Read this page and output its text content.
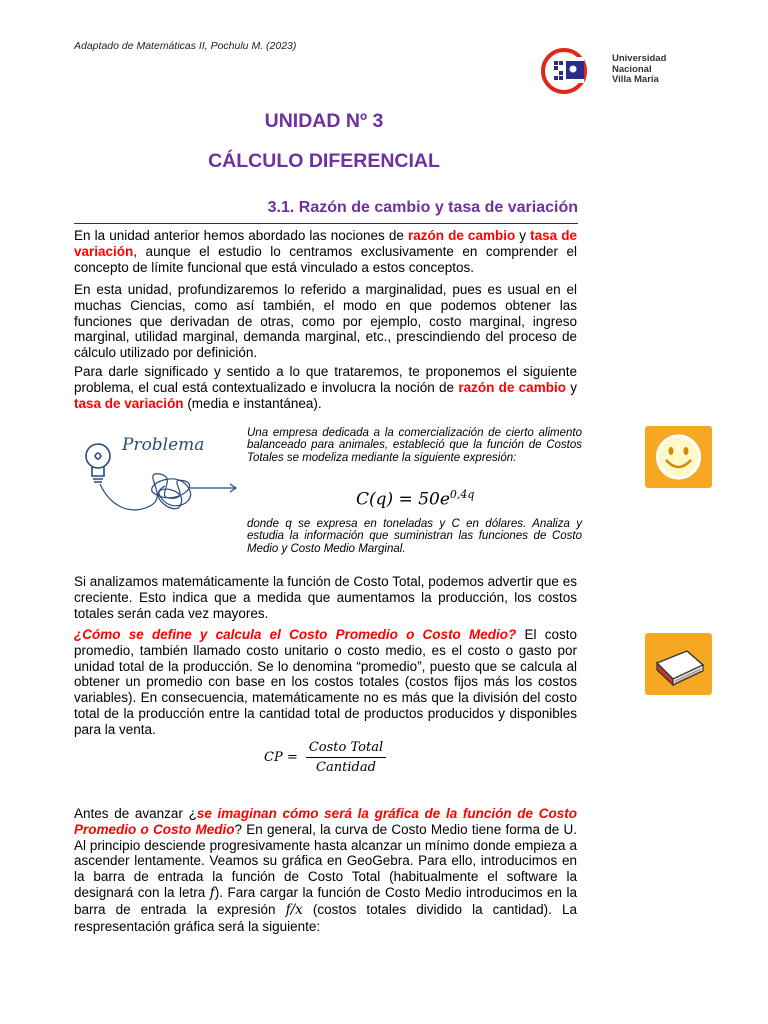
Adaptado de Matemáticas II, Pochulu M. (2023)
Universidad
Nacional
Villa María
UNIDAD Nº 3
CÁLCULO DIFERENCIAL
3.1. Razón de cambio y tasa de variación

En la unidad anterior hemos abordado las nociones de razón de cambio y tasa de variación, aunque el estudio lo centramos exclusivamente en comprender el concepto de límite funcional que está vinculado a estos conceptos.

En esta unidad, profundizaremos lo referido a marginalidad, pues es usual en el muchas Ciencias, como así también, el modo en que podemos obtener las funciones que derivadan de otras, como por ejemplo, costo marginal, ingreso marginal, utilidad marginal, demanda marginal, etc., prescindiendo del proceso de cálculo utilizado por definición.

Para darle significado y sentido a lo que trataremos, te proponemos el siguiente problema, el cual está contextualizado e involucra la noción de razón de cambio y tasa de variación (media e instantánea).

Problema

Una empresa dedicada a la comercialización de cierto alimento balanceado para animales, estableció que la función de Costos Totales se modeliza mediante la siguiente expresión:

$C(q) = 50e^{0,4q}$

donde q se expresa en toneladas y C en dólares. Analiza y estudia la información que suministran las funciones de Costo Medio y Costo Medio Marginal.

Si analizamos matemáticamente la función de Costo Total, podemos advertir que es creciente. Esto indica que a medida que aumentamos la producción, los costos totales serán cada vez mayores.

¿Cómo se define y calcula el Costo Promedio o Costo Medio? El costo promedio, también llamado costo unitario o costo medio, es el costo o gasto por unidad total de la producción. Se lo denomina “promedio”, puesto que se calcula al obtener un promedio con base en los costos totales (costos fijos más los costos variables). En consecuencia, matemáticamente no es más que la división del costo total de la producción entre la cantidad total de productos producidos y disponibles para la venta.

CP = $\frac{\text{Costo Total}}{\text{Cantidad}}$

Antes de avanzar ¿se imaginan cómo será la gráfica de la función de Costo Promedio o Costo Medio? En general, la curva de Costo Medio tiene forma de U. Al principio desciende progresivamente hasta alcanzar un mínimo donde empieza a ascender lentamente. Veamos su gráfica en GeoGebra. Para ello, introducimos en la barra de entrada la función de Costo Total (habitualmente el software la designará con la letra f). Fara cargar la función de Costo Medio introducimos en la barra de entrada la expresión f/x (costos totales dividido la cantidad). La respresentación gráfica será la siguiente:
